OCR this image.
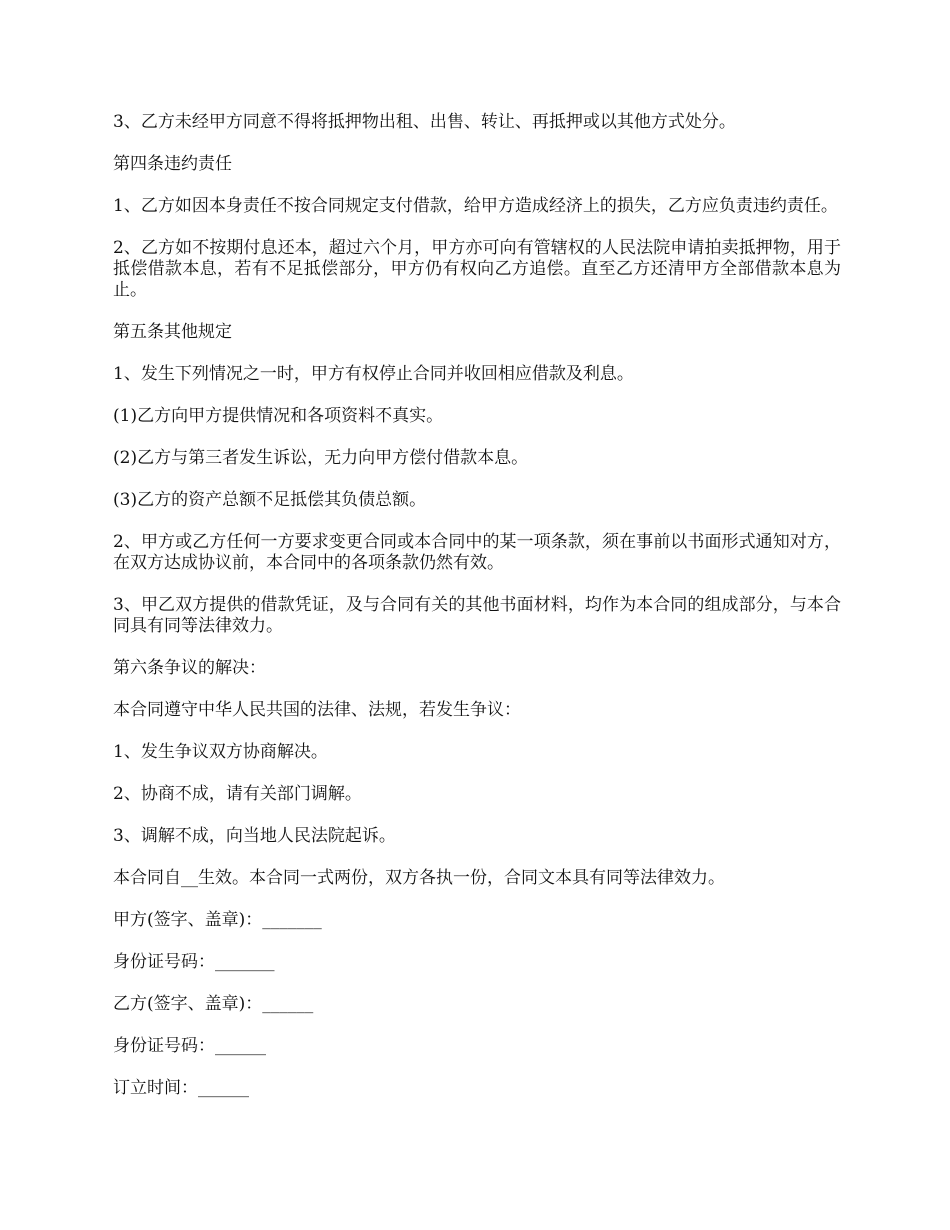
3、乙方未经甲方同意不得将抵押物出租、出售、转让、再抵押或以其他方式处分。

第四条违约责任

1、乙方如因本身责任不按合同规定支付借款，给甲方造成经济上的损失，乙方应负责违约责任。

2、乙方如不按期付息还本，超过六个月，甲方亦可向有管辖权的人民法院申请拍卖抵押物，用于抵偿借款本息，若有不足抵偿部分，甲方仍有权向乙方追偿。直至乙方还清甲方全部借款本息为止。

第五条其他规定

1、发生下列情况之一时，甲方有权停止合同并收回相应借款及利息。

(1)乙方向甲方提供情况和各项资料不真实。

(2)乙方与第三者发生诉讼，无力向甲方偿付借款本息。

(3)乙方的资产总额不足抵偿其负债总额。

2、甲方或乙方任何一方要求变更合同或本合同中的某一项条款，须在事前以书面形式通知对方，在双方达成协议前，本合同中的各项条款仍然有效。

3、甲乙双方提供的借款凭证，及与合同有关的其他书面材料，均作为本合同的组成部分，与本合同具有同等法律效力。

第六条争议的解决：

本合同遵守中华人民共国的法律、法规，若发生争议：

1、发生争议双方协商解决。

2、协商不成，请有关部门调解。

3、调解不成，向当地人民法院起诉。

本合同自__生效。本合同一式两份，双方各执一份，合同文本具有同等法律效力。

甲方(签字、盖章)：_______

身份证号码：_______

乙方(签字、盖章)：______

身份证号码：______

订立时间：______
